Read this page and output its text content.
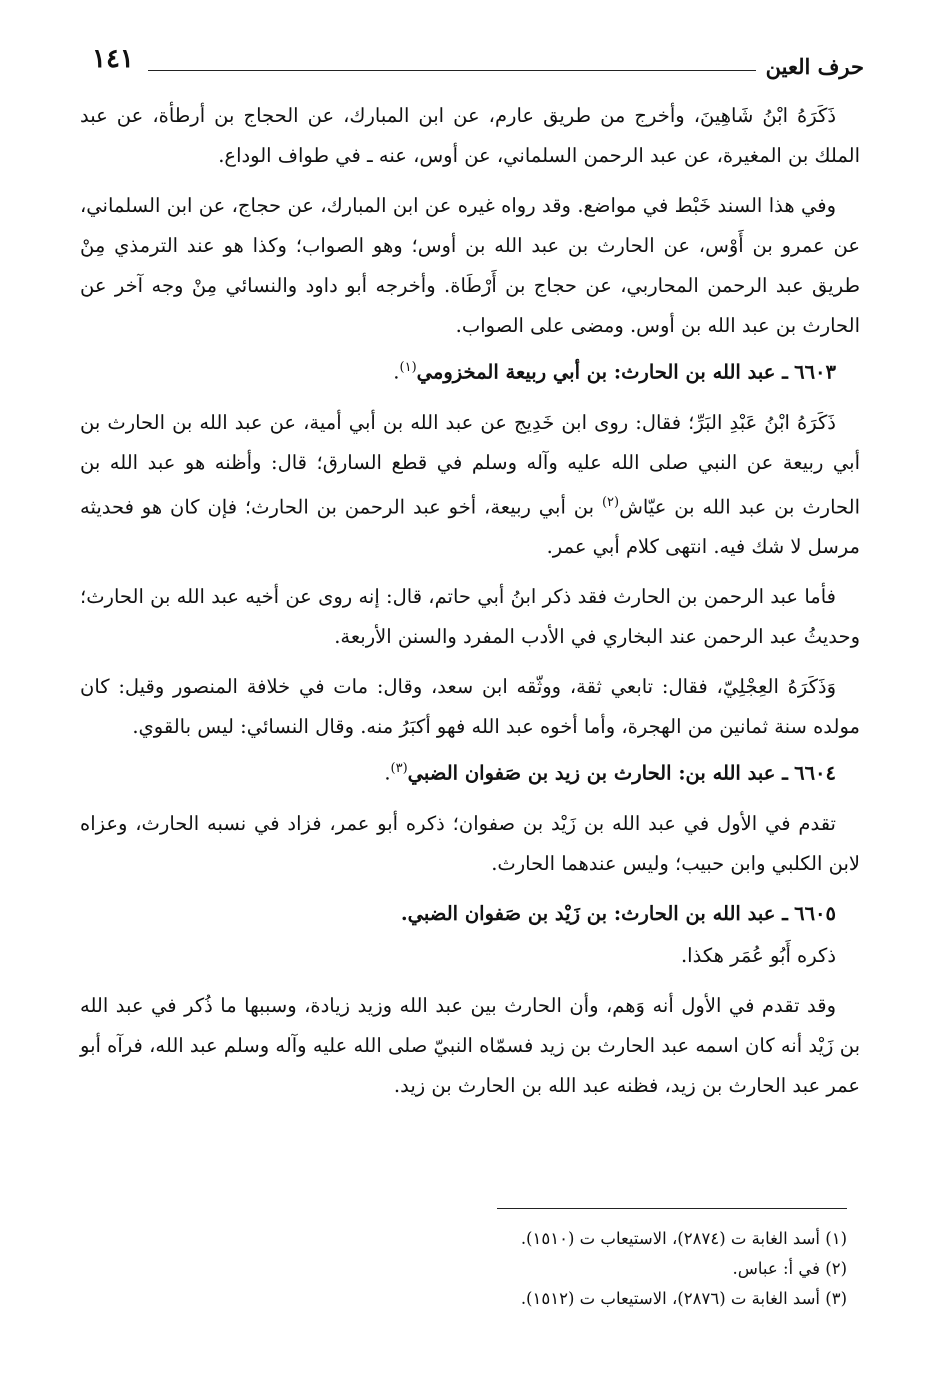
١٤١	حرف العين

ذَكَرَهُ ابْنُ شَاهِينَ، وأخرج من طريق عارم، عن ابن المبارك، عن الحجاج بن أرطأة، عن عبد الملك بن المغيرة، عن عبد الرحمن السلماني، عن أوس، عنه ـ في طواف الوداع.

وفي هذا السند خَبْط في مواضع. وقد رواه غيره عن ابن المبارك، عن حجاج، عن ابن السلماني، عن عمرو بن أَوْس، عن الحارث بن عبد الله بن أوس؛ وهو الصواب؛ وكذا هو عند الترمذي مِنْ طريق عبد الرحمن المحاربي، عن حجاج بن أَرْطَاة. وأخرجه أبو داود والنسائي مِنْ وجه آخر عن الحارث بن عبد الله بن أوس. ومضى على الصواب.

٦٦٠٣ ـ عبد الله بن الحارث: بن أبي ربيعة المخزومي$^{(١)}$.

ذَكَرَهُ ابْنُ عَبْدِ البَرِّ؛ فقال: روى ابن خَدِيج عن عبد الله بن أبي أمية، عن عبد الله بن الحارث بن أبي ربيعة عن النبي صلى الله عليه وآله وسلم في قطع السارق؛ قال: وأظنه هو عبد الله بن الحارث بن عبد الله بن عيّاش$^{(٢)}$ بن أبي ربيعة، أخو عبد الرحمن بن الحارث؛ فإن كان هو فحديثه مرسل لا شك فيه. انتهى كلام أبي عمر.

فأما عبد الرحمن بن الحارث فقد ذكر ابنُ أبي حاتم، قال: إنه روى عن أخيه عبد الله بن الحارث؛ وحديثُ عبد الرحمن عند البخاري في الأدب المفرد والسنن الأربعة.

وَذَكَرَهُ العِجْلِيّ، فقال: تابعي ثقة، ووثّقه ابن سعد، وقال: مات في خلافة المنصور وقيل: كان مولده سنة ثمانين من الهجرة، وأما أخوه عبد الله فهو أكبَرُ منه. وقال النسائي: ليس بالقوي.

٦٦٠٤ ـ عبد الله بن: الحارث بن زيد بن صَفوان الضبي$^{(٣)}$.

تقدم في الأول في عبد الله بن زَيْد بن صفوان؛ ذكره أبو عمر، فزاد في نسبه الحارث، وعزاه لابن الكلبي وابن حبيب؛ وليس عندهما الحارث.

٦٦٠٥ ـ عبد الله بن الحارث: بن زَيْد بن صَفوان الضبي.

ذكره أَبُو عُمَر هكذا.

وقد تقدم في الأول أنه وَهم، وأن الحارث بين عبد الله وزيد زيادة، وسببها ما ذُكر في عبد الله بن زَيْد أنه كان اسمه عبد الحارث بن زيد فسمّاه النبيّ صلى الله عليه وآله وسلم عبد الله، فرآه أبو عمر عبد الحارث بن زيد، فظنه عبد الله بن الحارث بن زيد.

(١) أسد الغابة ت (٢٨٧٤)، الاستيعاب ت (١٥١٠).

(٢) في أ: عباس.

(٣) أسد الغابة ت (٢٨٧٦)، الاستيعاب ت (١٥١٢).
